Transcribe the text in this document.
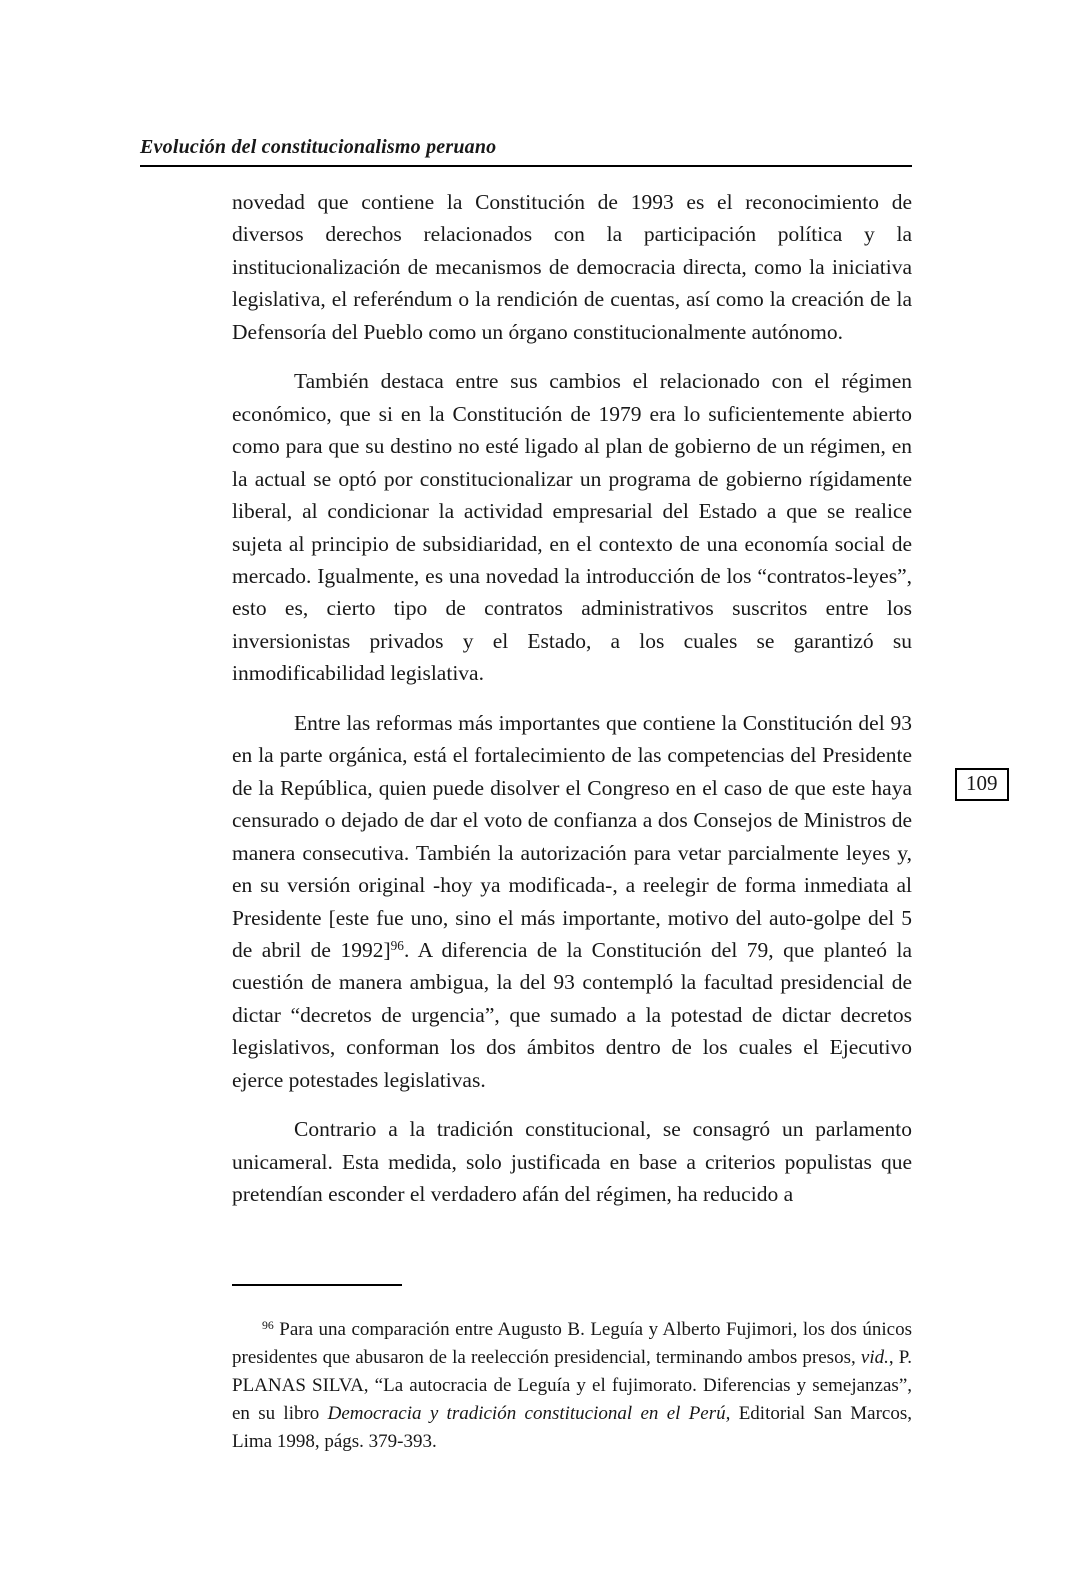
Evolución del constitucionalismo peruano

novedad que contiene la Constitución de 1993 es el reconocimiento de diversos derechos relacionados con la participación política y la institucionalización de mecanismos de democracia directa, como la iniciativa legislativa, el referéndum o la rendición de cuentas, así como la creación de la Defensoría del Pueblo como un órgano constitucionalmente autónomo.

También destaca entre sus cambios el relacionado con el régimen económico, que si en la Constitución de 1979 era lo suficientemente abierto como para que su destino no esté ligado al plan de gobierno de un régimen, en la actual se optó por constitucionalizar un programa de gobierno rígidamente liberal, al condicionar la actividad empresarial del Estado a que se realice sujeta al principio de subsidiaridad, en el contexto de una economía social de mercado. Igualmente, es una novedad la introducción de los “contratos-leyes”, esto es, cierto tipo de contratos administrativos suscritos entre los inversionistas privados y el Estado, a los cuales se garantizó su inmodificabilidad legislativa.

Entre las reformas más importantes que contiene la Constitución del 93 en la parte orgánica, está el fortalecimiento de las competencias del Presidente de la República, quien puede disolver el Congreso en el caso de que este haya censurado o dejado de dar el voto de confianza a dos Consejos de Ministros de manera consecutiva. También la autorización para vetar parcialmente leyes y, en su versión original -hoy ya modificada-, a reelegir de forma inmediata al Presidente [este fue uno, sino el más importante, motivo del auto-golpe del 5 de abril de 1992]$^{96}$. A diferencia de la Constitución del 79, que planteó la cuestión de manera ambigua, la del 93 contempló la facultad presidencial de dictar “decretos de urgencia”, que sumado a la potestad de dictar decretos legislativos, conforman los dos ámbitos dentro de los cuales el Ejecutivo ejerce potestades legislativas.

Contrario a la tradición constitucional, se consagró un parlamento unicameral. Esta medida, solo justificada en base a criterios populistas que pretendían esconder el verdadero afán del régimen, ha reducido a

109

$^{96}$ Para una comparación entre Augusto B. Leguía y Alberto Fujimori, los dos únicos presidentes que abusaron de la reelección presidencial, terminando ambos presos, vid., P. PLANAS SILVA, “La autocracia de Leguía y el fujimorato. Diferencias y semejanzas”, en su libro Democracia y tradición constitucional en el Perú, Editorial San Marcos, Lima 1998, págs. 379-393.
